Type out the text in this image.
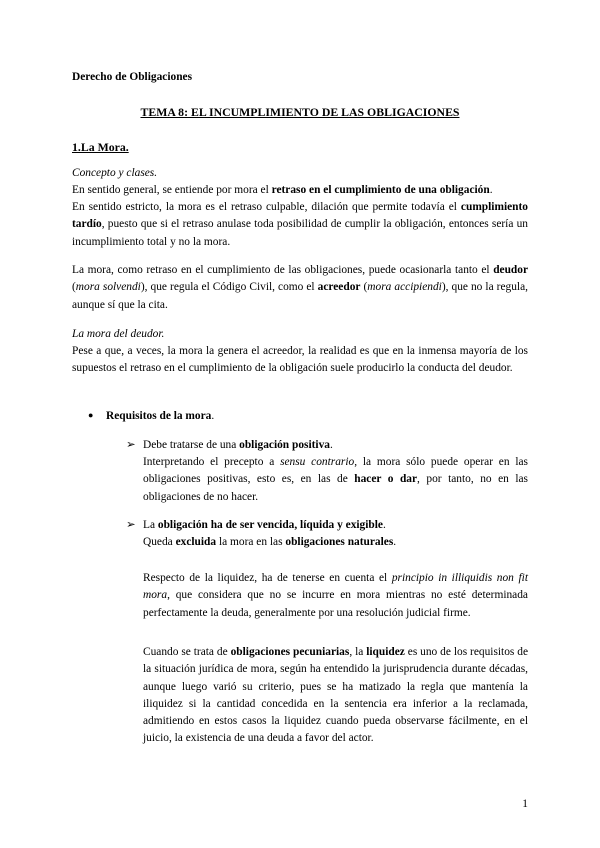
Derecho de Obligaciones
TEMA 8: EL INCUMPLIMIENTO DE LAS OBLIGACIONES
1.La Mora.
Concepto y clases.
En sentido general, se entiende por mora el retraso en el cumplimiento de una obligación.
En sentido estricto, la mora es el retraso culpable, dilación que permite todavía el cumplimiento tardío, puesto que si el retraso anulase toda posibilidad de cumplir la obligación, entonces sería un incumplimiento total y no la mora.
La mora, como retraso en el cumplimiento de las obligaciones, puede ocasionarla tanto el deudor (mora solvendi), que regula el Código Civil, como el acreedor (mora accipiendi), que no la regula, aunque sí que la cita.
La mora del deudor.
Pese a que, a veces, la mora la genera el acreedor, la realidad es que en la inmensa mayoría de los supuestos el retraso en el cumplimiento de la obligación suele producirlo la conducta del deudor.
● Requisitos de la mora.
➢ Debe tratarse de una obligación positiva.
Interpretando el precepto a sensu contrario, la mora sólo puede operar en las obligaciones positivas, esto es, en las de hacer o dar, por tanto, no en las obligaciones de no hacer.
➢ La obligación ha de ser vencida, líquida y exigible.
Queda excluida la mora en las obligaciones naturales.
Respecto de la liquidez, ha de tenerse en cuenta el principio in illiquidis non fit mora, que considera que no se incurre en mora mientras no esté determinada perfectamente la deuda, generalmente por una resolución judicial firme.
Cuando se trata de obligaciones pecuniarias, la liquidez es uno de los requisitos de la situación jurídica de mora, según ha entendido la jurisprudencia durante décadas, aunque luego varió su criterio, pues se ha matizado la regla que mantenía la iliquidez si la cantidad concedida en la sentencia era inferior a la reclamada, admitiendo en estos casos la liquidez cuando pueda observarse fácilmente, en el juicio, la existencia de una deuda a favor del actor.
1
